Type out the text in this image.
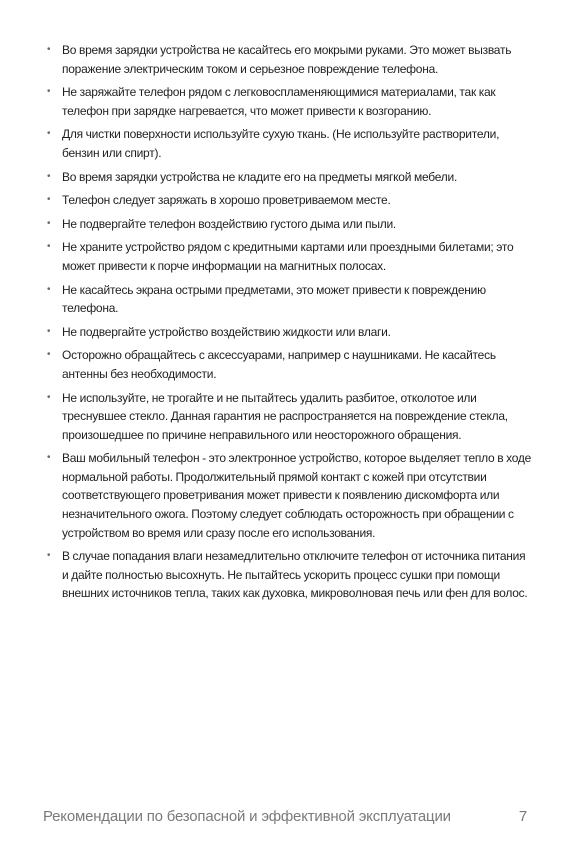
• Во время зарядки устройства не касайтесь его мокрыми руками. Это может вызвать поражение электрическим током и серьезное повреждение телефона.
• Не заряжайте телефон рядом с легковоспламеняющимися материалами, так как телефон при зарядке нагревается, что может привести к возгоранию.
• Для чистки поверхности используйте сухую ткань. (Не используйте растворители, бензин или спирт).
• Во время зарядки устройства не кладите его на предметы мягкой мебели.
• Телефон следует заряжать в хорошо проветриваемом месте.
• Не подвергайте телефон воздействию густого дыма или пыли.
• Не храните устройство рядом с кредитными картами или проездными билетами; это может привести к порче информации на магнитных полосах.
• Не касайтесь экрана острыми предметами, это может привести к повреждению телефона.
• Не подвергайте устройство воздействию жидкости или влаги.
• Осторожно обращайтесь с аксессуарами, например с наушниками. Не касайтесь антенны без необходимости.
• Не используйте, не трогайте и не пытайтесь удалить разбитое, отколотое или треснувшее стекло. Данная гарантия не распространяется на повреждение стекла, произошедшее по причине неправильного или неосторожного обращения.
• Ваш мобильный телефон - это электронное устройство, которое выделяет тепло в ходе нормальной работы. Продолжительный прямой контакт с кожей при отсутствии соответствующего проветривания может привести к появлению дискомфорта или незначительного ожога. Поэтому следует соблюдать осторожность при обращении с устройством во время или сразу после его использования.
• В случае попадания влаги незамедлительно отключите телефон от источника питания и дайте полностью высохнуть. Не пытайтесь ускорить процесс сушки при помощи внешних источников тепла, таких как духовка, микроволновая печь или фен для волос.
Рекомендации по безопасной и эффективной эксплуатации	7
